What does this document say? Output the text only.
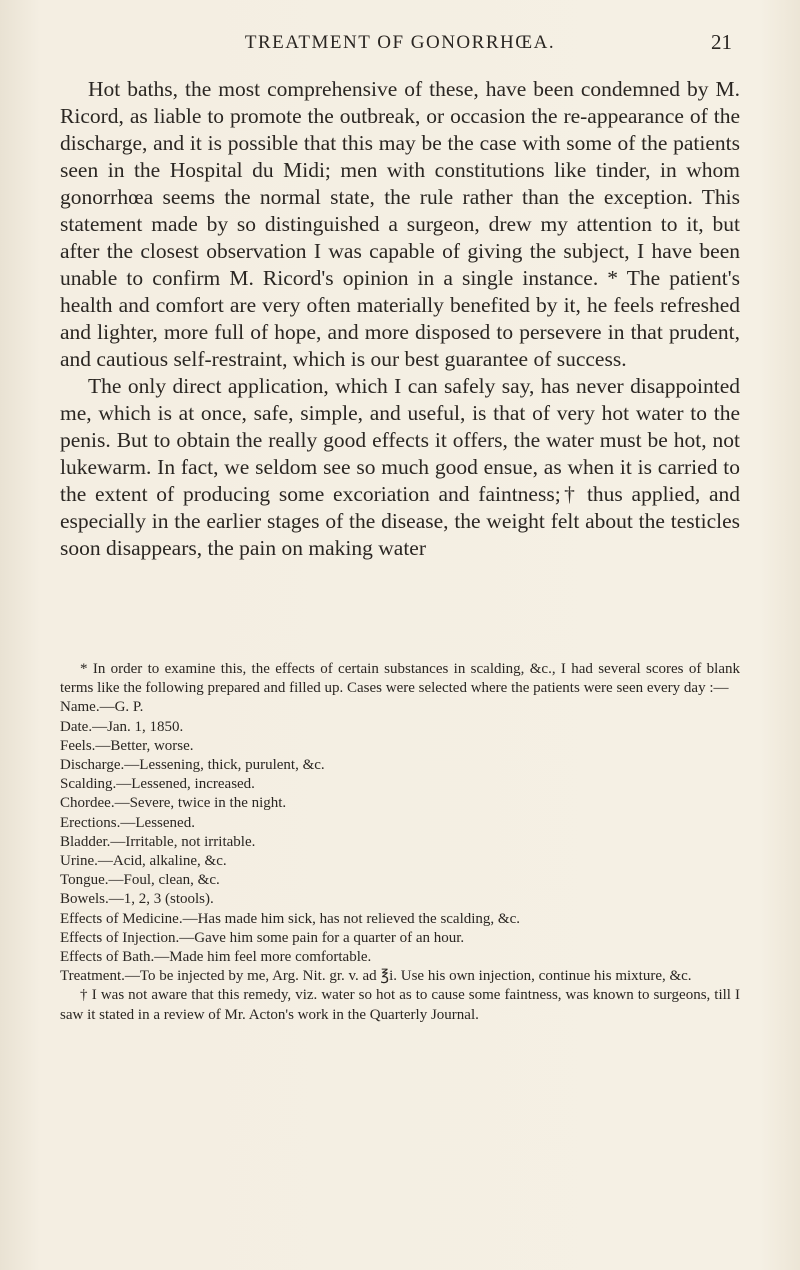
TREATMENT OF GONORRHŒA.	21

Hot baths, the most comprehensive of these, have been condemned by M. Ricord, as liable to promote the outbreak, or occasion the re-appearance of the discharge, and it is possible that this may be the case with some of the patients seen in the Hospital du Midi; men with constitutions like tinder, in whom gonorrhœa seems the normal state, the rule rather than the exception. This statement made by so distinguished a surgeon, drew my attention to it, but after the closest observation I was capable of giving the subject, I have been unable to confirm M. Ricord's opinion in a single instance. * The patient's health and comfort are very often materially benefited by it, he feels refreshed and lighter, more full of hope, and more disposed to persevere in that prudent, and cautious self-restraint, which is our best guarantee of success.

The only direct application, which I can safely say, has never disappointed me, which is at once, safe, simple, and useful, is that of very hot water to the penis. But to obtain the really good effects it offers, the water must be hot, not lukewarm. In fact, we seldom see so much good ensue, as when it is carried to the extent of producing some excoriation and faintness;† thus applied, and especially in the earlier stages of the disease, the weight felt about the testicles soon disappears, the pain on making water

* In order to examine this, the effects of certain substances in scalding, &c., I had several scores of blank terms like the following prepared and filled up. Cases were selected where the patients were seen every day :—

Name.—G. P.

Date.—Jan. 1, 1850.

Feels.—Better, worse.

Discharge.—Lessening, thick, purulent, &c.

Scalding.—Lessened, increased.

Chordee.—Severe, twice in the night.

Erections.—Lessened.

Bladder.—Irritable, not irritable.

Urine.—Acid, alkaline, &c.

Tongue.—Foul, clean, &c.

Bowels.—1, 2, 3 (stools).

Effects of Medicine.—Has made him sick, has not relieved the scalding, &c.

Effects of Injection.—Gave him some pain for a quarter of an hour.

Effects of Bath.—Made him feel more comfortable.

Treatment.—To be injected by me, Arg. Nit. gr. v. ad ℥i. Use his own injection, continue his mixture, &c.

† I was not aware that this remedy, viz. water so hot as to cause some faintness, was known to surgeons, till I saw it stated in a review of Mr. Acton's work in the Quarterly Journal.
